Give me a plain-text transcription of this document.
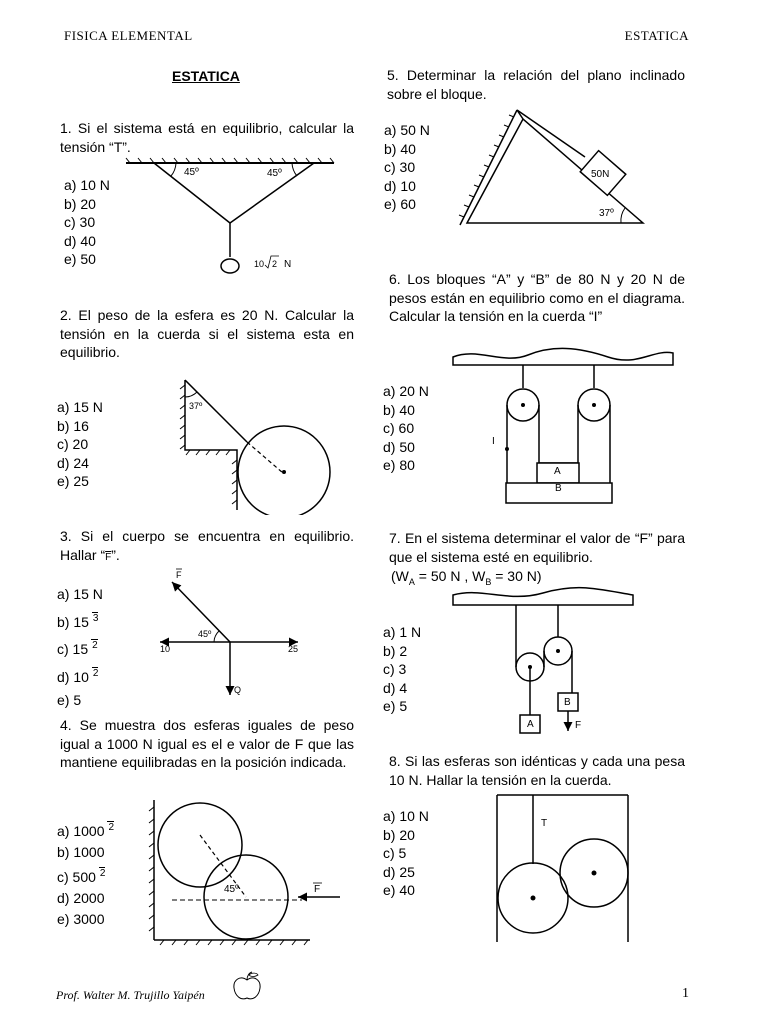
FISICA ELEMENTAL	ESTATICA
ESTATICA
1. Si el sistema está en equilibrio, calcular la tensión “T”.
a) 10 N
b) 20
c) 30
d) 40
e) 50
45º	45º
10 2 N
2. El peso de la esfera es 20 N. Calcular la tensión en la cuerda si el sistema esta en equilibrio.
a) 15 N
b) 16
c) 20
d) 24
e) 25
37º
3. Si el cuerpo se encuentra en equilibrio. Hallar “$\overline{F}$”.
a) 15 N
b) 15 $^3$
c) 15 $^2$
d) 10 $^2$
e) 5
F
45º
10	25
Q
4. Se muestra dos esferas iguales de peso igual a 1000 N igual es el e valor de F que las mantiene equilibradas en la posición indicada.
a) 1000 $^2$
b) 1000
c) 500 $^2$
d) 2000
e) 3000
45º	F
5. Determinar la relación del plano inclinado sobre el bloque.
a) 50 N
b) 40
c) 30
d) 10
e) 60
50N
37º
6. Los bloques “A” y “B” de 80 N y 20 N de pesos están en equilibrio como en el diagrama. Calcular la tensión en la cuerda “I”
a) 20 N
b) 40
c) 60
d) 50
e) 80
I
A
B
7. En el sistema determinar el valor de “F” para que el sistema esté en equilibrio.
($W_A = 50$ N , $W_B = 30$ N)
a) 1 N
b) 2
c) 3
d) 4
e) 5
A
B
F
8. Si las esferas son idénticas y cada una pesa 10 N. Hallar la tensión en la cuerda.
a) 10 N
b) 20
c) 5
d) 25
e) 40
T
Prof. Walter M. Trujillo Yaipén	1
